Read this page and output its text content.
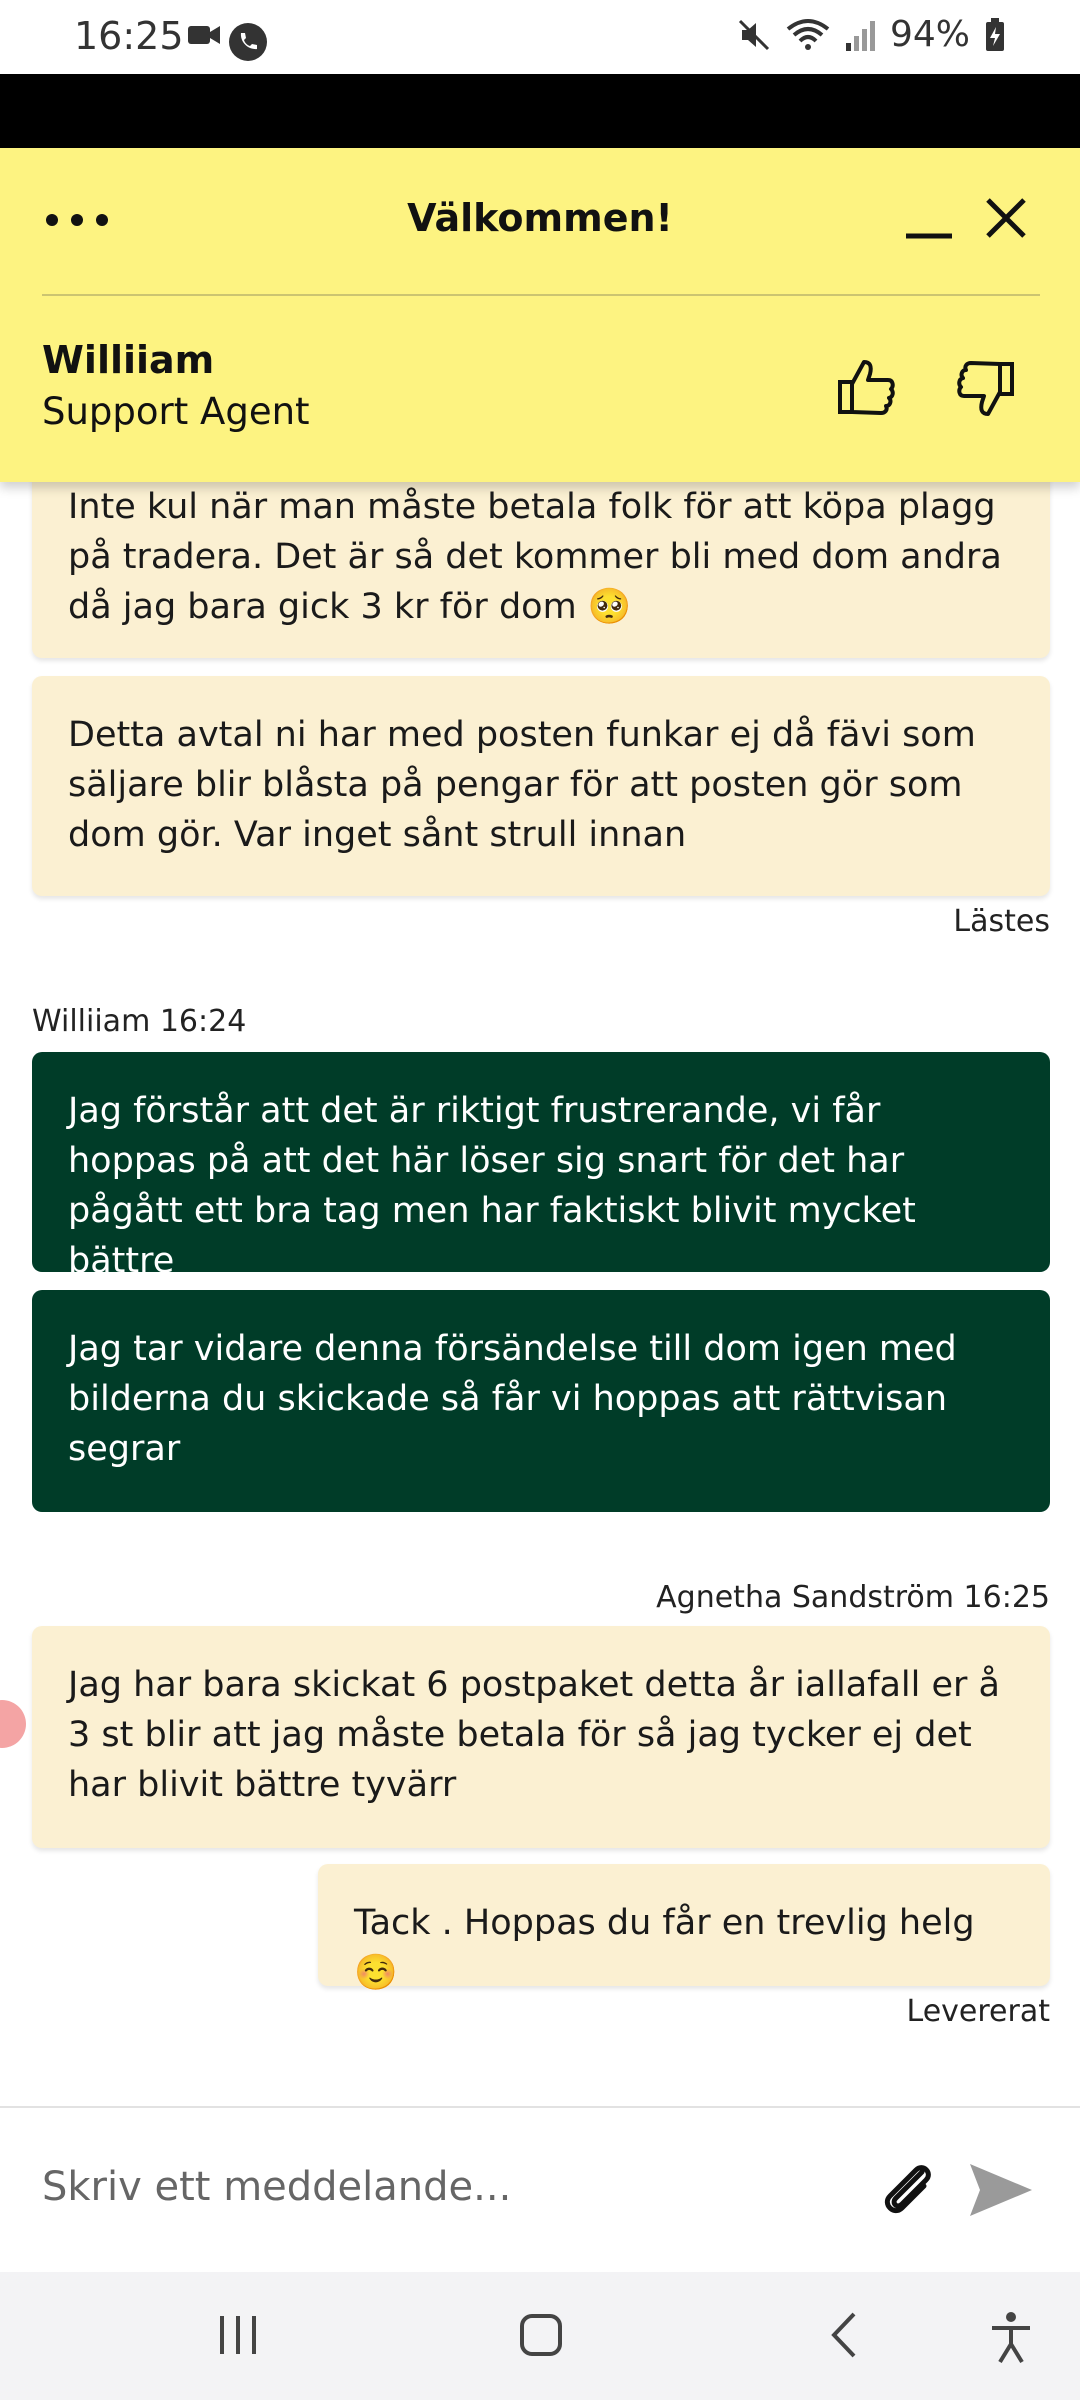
16:25	94%
Välkommen!
Williiam
Support Agent
Inte kul när man måste betala folk för att köpa plagg på tradera. Det är så det kommer bli med dom andra då jag bara gick 3 kr för dom 🥺
Detta avtal ni har med posten funkar ej då fävi som säljare blir blåsta på pengar för att posten gör som dom gör. Var inget sånt strull innan
Lästes
Williiam 16:24
Jag förstår att det är riktigt frustrerande, vi får hoppas på att det här löser sig snart för det har pågått ett bra tag men har faktiskt blivit mycket bättre
Jag tar vidare denna försändelse till dom igen med bilderna du skickade så får vi hoppas att rättvisan segrar
Agnetha Sandström 16:25
Jag har bara skickat 6 postpaket detta år iallafall er å 3 st blir att jag måste betala för så jag tycker ej det har blivit bättre tyvärr
Tack . Hoppas du får en trevlig helg ☺️
Levererat
Skriv ett meddelande...
